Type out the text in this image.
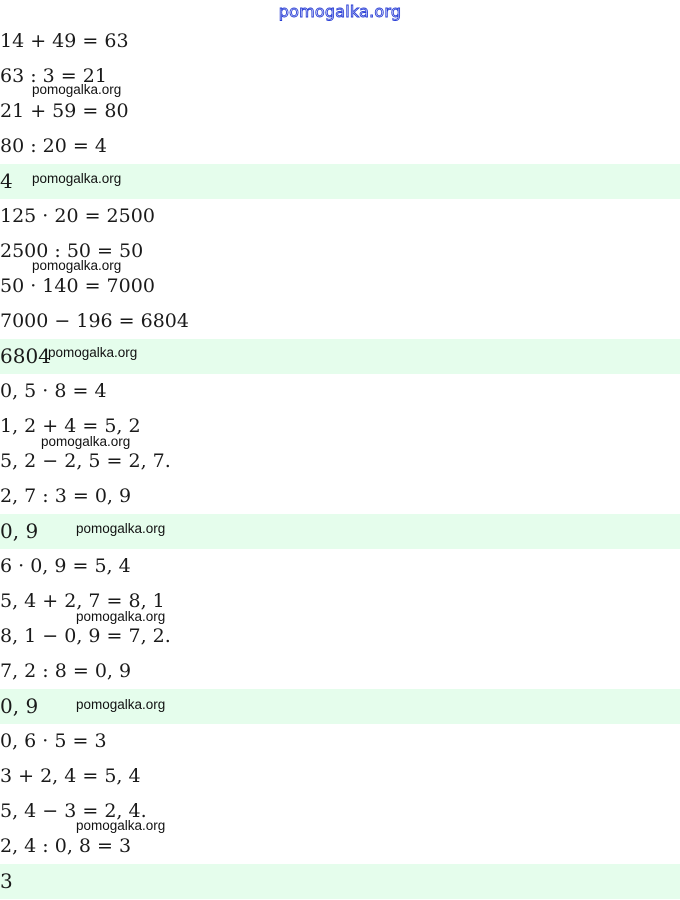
pomogalka.org
14 + 49 = 63
63 : 3 = 21
pomogalka.org
21 + 59 = 80
80 : 20 = 4
4 pomogalka.org
125 · 20 = 2500
2500 : 50 = 50
pomogalka.org
50 · 140 = 7000
7000 − 196 = 6804
6804
pomogalka.org
0, 5 · 8 = 4
1, 2 + 4 = 5, 2
pomogalka.org
5, 2 − 2, 5 = 2, 7.
2, 7 : 3 = 0, 9
0, 9	pomogalka.org
6 · 0, 9 = 5, 4
5, 4 + 2, 7 = 8, 1
pomogalka.org
8, 1 − 0, 9 = 7, 2.
7, 2 : 8 = 0, 9
0, 9	pomogalka.org
0, 6 · 5 = 3
3 + 2, 4 = 5, 4
5, 4 − 3 = 2, 4.
pomogalka.org
2, 4 : 0, 8 = 3
3
